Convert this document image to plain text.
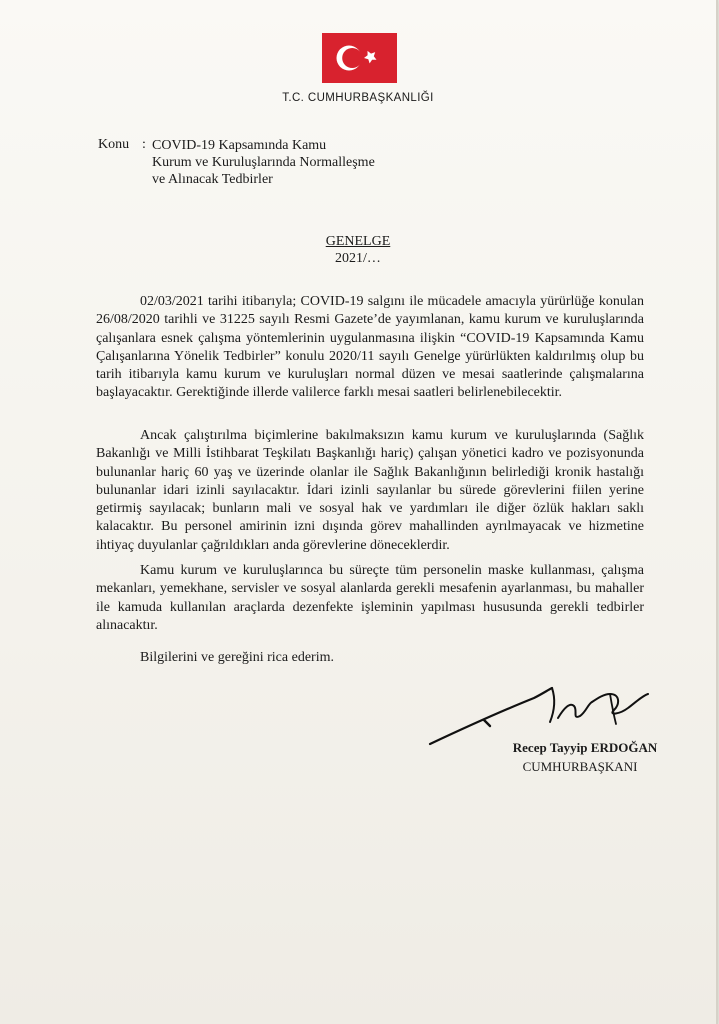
T.C. CUMHURBAŞKANLIĞI
Konu : COVID-19 Kapsamında Kamu
Kurum ve Kuruluşlarında Normalleşme
ve Alınacak Tedbirler
GENELGE
2021/…

02/03/2021 tarihi itibarıyla; COVID-19 salgını ile mücadele amacıyla yürürlüğe konulan 26/08/2020 tarihli ve 31225 sayılı Resmi Gazete’de yayımlanan, kamu kurum ve kuruluşlarında çalışanlara esnek çalışma yöntemlerinin uygulanmasına ilişkin “COVID-19 Kapsamında Kamu Çalışanlarına Yönelik Tedbirler” konulu 2020/11 sayılı Genelge yürürlükten kaldırılmış olup bu tarih itibarıyla kamu kurum ve kuruluşları normal düzen ve mesai saatlerinde çalışmalarına başlayacaktır. Gerektiğinde illerde valilerce farklı mesai saatleri belirlenebilecektir.

Ancak çalıştırılma biçimlerine bakılmaksızın kamu kurum ve kuruluşlarında (Sağlık Bakanlığı ve Milli İstihbarat Teşkilatı Başkanlığı hariç) çalışan yönetici kadro ve pozisyonunda bulunanlar hariç 60 yaş ve üzerinde olanlar ile Sağlık Bakanlığının belirlediği kronik hastalığı bulunanlar idari izinli sayılacaktır. İdari izinli sayılanlar bu sürede görevlerini fiilen yerine getirmiş sayılacak; bunların mali ve sosyal hak ve yardımları ile diğer özlük hakları saklı kalacaktır. Bu personel amirinin izni dışında görev mahallinden ayrılmayacak ve hizmetine ihtiyaç duyulanlar çağrıldıkları anda görevlerine döneceklerdir.

Kamu kurum ve kuruluşlarınca bu süreçte tüm personelin maske kullanması, çalışma mekanları, yemekhane, servisler ve sosyal alanlarda gerekli mesafenin ayarlanması, bu mahaller ile kamuda kullanılan araçlarda dezenfekte işleminin yapılması hususunda gerekli tedbirler alınacaktır.

Bilgilerini ve gereğini rica ederim.
Recep Tayyip ERDOĞAN
CUMHURBAŞKANI
